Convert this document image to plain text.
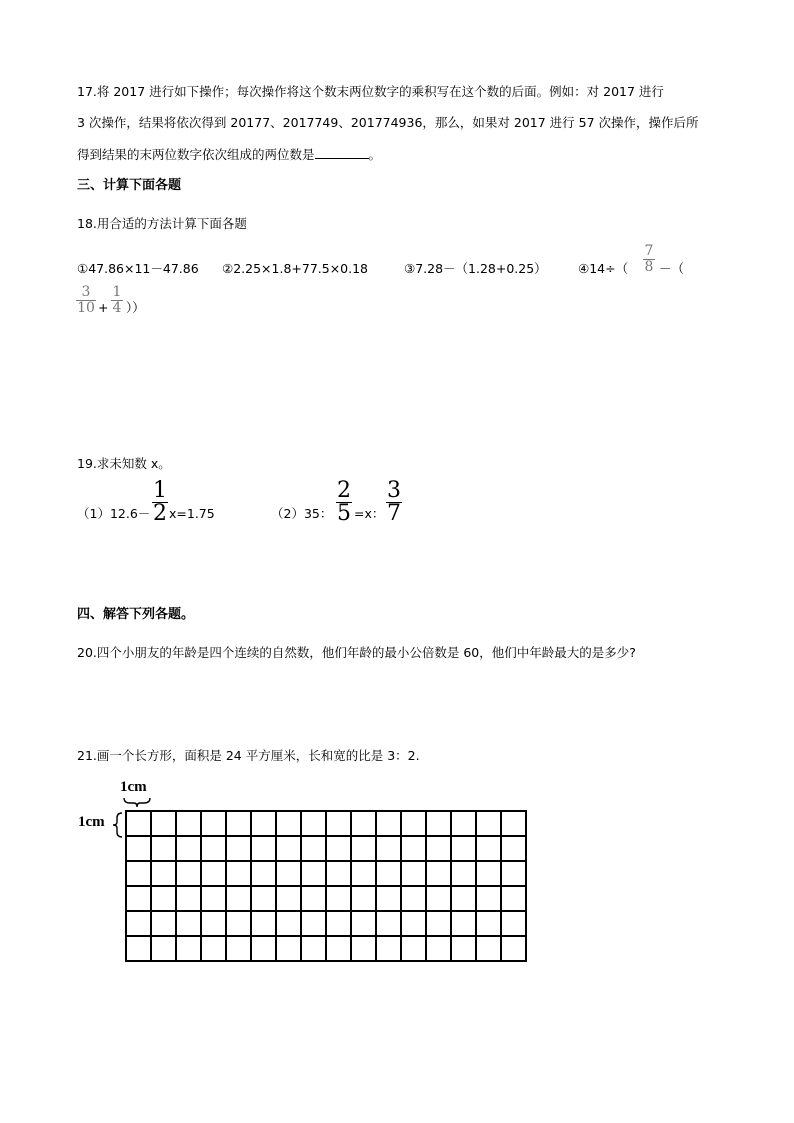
17.将 2017 进行如下操作；每次操作将这个数末两位数字的乘积写在这个数的后面。例如：对 2017 进行
3 次操作，结果将依次得到 20177、2017749、201774936，那么，如果对 2017 进行 57 次操作，操作后所
得到结果的末两位数字依次组成的两位数是	。
三、计算下面各题
18.用合适的方法计算下面各题
①47.86×11－47.86 ②2.25×1.8+77.5×0.18	③7.28－（1.28+0.25）	④14÷（
7
8 －（
3
10 +
1
4 ））
19.求未知数 x。
（1）12.6－
1
2 x=1.75	（2）35：
2
5 =x：
3
7
四、解答下列各题。
20.四个小朋友的年龄是四个连续的自然数，他们年龄的最小公倍数是 60，他们中年龄最大的是多少?
21.画一个长方形，面积是 24 平方厘米，长和宽的比是 3：2.
1cm
1cm
